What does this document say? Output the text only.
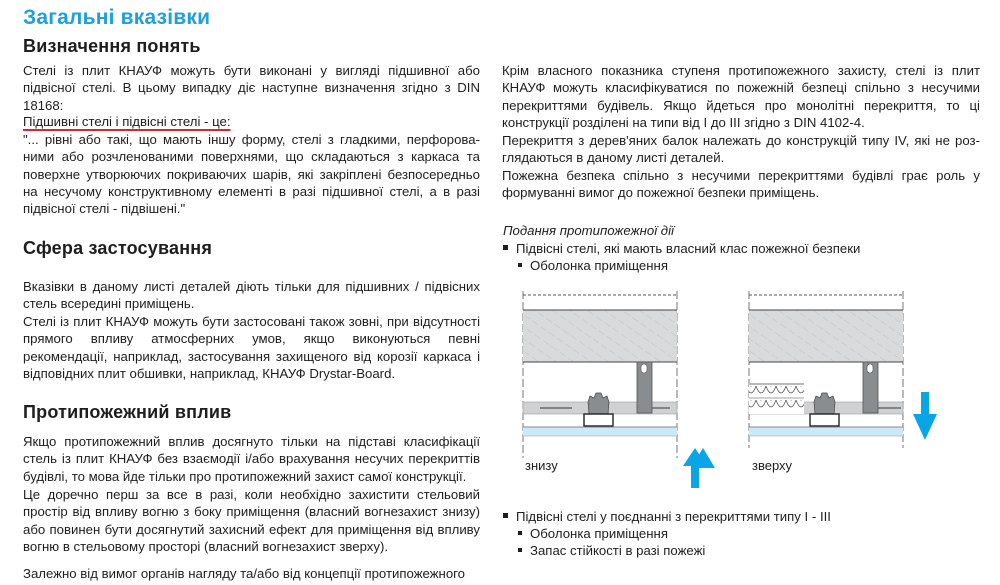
Загальні вказівки
Визначення понять

Стелі із плит КНАУФ можуть бути виконані у вигляді підшивної або підвісної стелі. В цьому випадку діє наступне визначення згідно з DIN 18168:

Підшивні стелі і підвісні стелі - це:

"... рівні або такі, що мають іншу форму, стелі з гладкими, перфорова-ними або розчленованими поверхнями, що складаються з каркаса та поверхне утворюючих покриваючих шарів, які закріплені безпосередньо на несучому конструктивному елементі в разі підшивної стелі, а в разі підвісної стелі - підвішені."

Сфера застосування

Вказівки в даному листі деталей діють тільки для підшивних / підвісних стель всередині приміщень.

Стелі із плит КНАУФ можуть бути застосовані також зовні, при відсутності прямого впливу атмосферних умов, якщо виконуються певні рекомендації, наприклад, застосування захищеного від корозії каркаса і відповідних плит обшивки, наприклад, КНАУФ Drystar-Board.

Протипожежний вплив

Якщо протипожежний вплив досягнуто тільки на підставі класифікації стель із плит КНАУФ без взаємодії і/або врахування несучих перекриттів будівлі, то мова йде тільки про протипожежний захист самої конструкції.

Це доречно перш за все в разі, коли необхідно захистити стельовий простір від впливу вогню з боку приміщення (власний вогнезахист знизу) або повинен бути досягнутий захисний ефект для приміщення від впливу вогню в стельовому просторі (власний вогнезахист зверху).

Залежно від вимог органів нагляду та/або від концепції протипожежного

Крім власного показника ступеня протипожежного захисту, стелі із плит КНАУФ можуть класифікуватися по пожежній безпеці спільно з несучими перекриттями будівель. Якщо йдеться про монолітні перекриття, то ці конструкції розділені на типи від I до III згідно з DIN 4102-4.

Перекриття з дерев'яних балок належать до конструкцій типу IV, які не роз-глядаються в даному листі деталей.

Пожежна безпека спільно з несучими перекриттями будівлі грає роль у формуванні вимог до пожежної безпеки приміщень.

Подання протипожежної дії
Підвісні стелі, які мають власний клас пожежної безпеки
Оболонка приміщення
знизу	зверху
Підвісні стелі у поєднанні з перекриттями типу I - III
Оболонка приміщення
Запас стійкості в разі пожежі
